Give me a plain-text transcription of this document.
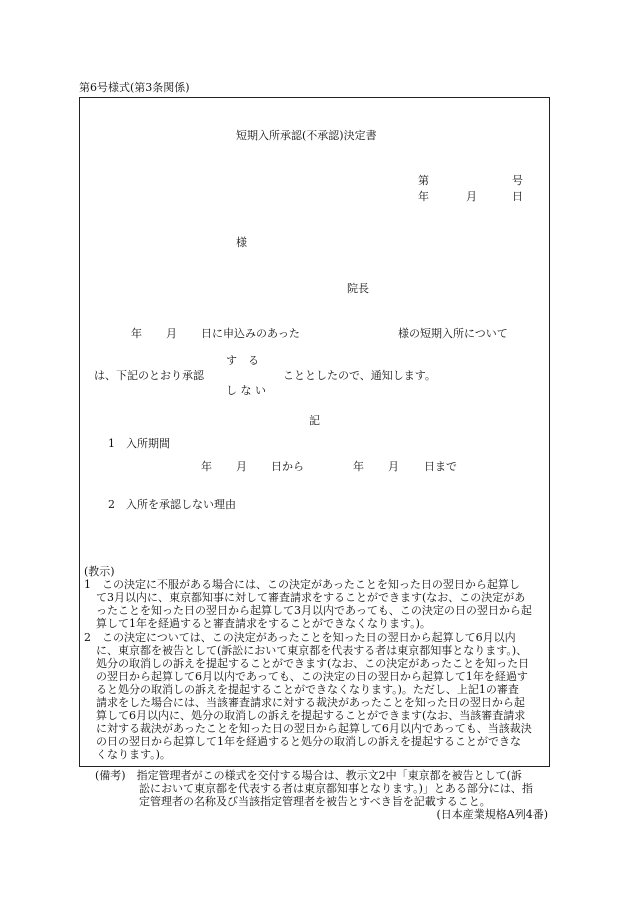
第6号様式(第3条関係)
短期入所承認(不承認)決定書
第	号
年	月	日
様
院長
年 月 日に申込みのあった	様の短期入所について
す　る
は、下記のとおり承認	こととしたので、通知します。
し な い
記
1　入所期間
年 月 日から	年 月 日まで
2　入所を承認しない理由
(教示)
1　この決定に不服がある場合には、この決定があったことを知った日の翌日から起算し
て3月以内に、東京都知事に対して審査請求をすることができます(なお、この決定があ
ったことを知った日の翌日から起算して3月以内であっても、この決定の日の翌日から起
算して1年を経過すると審査請求をすることができなくなります。)。
2　この決定については、この決定があったことを知った日の翌日から起算して6月以内
に、東京都を被告として(訴訟において東京都を代表する者は東京都知事となります。)、
処分の取消しの訴えを提起することができます(なお、この決定があったことを知った日
の翌日から起算して6月以内であっても、この決定の日の翌日から起算して1年を経過す
ると処分の取消しの訴えを提起することができなくなります。)。ただし、上記1の審査
請求をした場合には、当該審査請求に対する裁決があったことを知った日の翌日から起
算して6月以内に、処分の取消しの訴えを提起することができます(なお、当該審査請求
に対する裁決があったことを知った日の翌日から起算して6月以内であっても、当該裁決
の日の翌日から起算して1年を経過すると処分の取消しの訴えを提起することができな
くなります。)。
(備考)　指定管理者がこの様式を交付する場合は、教示文2中「東京都を被告として(訴
　　　　訟において東京都を代表する者は東京都知事となります。)」とある部分には、指
　　　　定管理者の名称及び当該指定管理者を被告とすべき旨を記載すること。
(日本産業規格A列4番)
